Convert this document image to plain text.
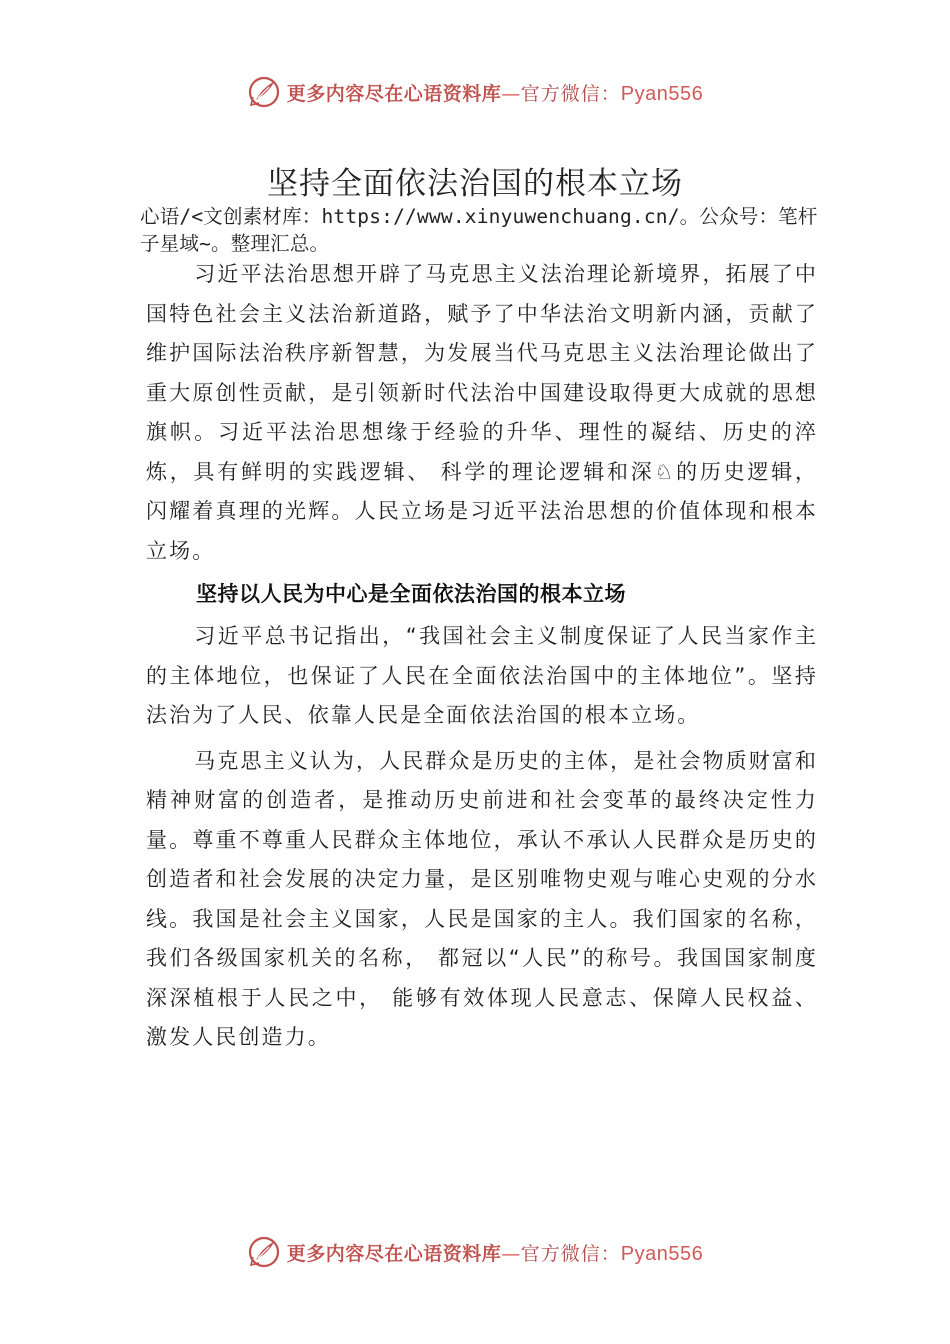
更多内容尽在心语资料库—官方微信：Pyan556
坚持全面依法治国的根本立场
心语/<文创素材库：https://www.xinyuwenchuang.cn/。公众号：笔杆子星域~。整理汇总。

习近平法治思想开辟了马克思主义法治理论新境界，拓展了中国特色社会主义法治新道路，赋予了中华法治文明新内涵，贡献了维护国际法治秩序新智慧，为发展当代马克思主义法治理论做出了重大原创性贡献，是引领新时代法治中国建设取得更大成就的思想旗帜。习近平法治思想缘于经验的升华、理性的凝结、历史的淬炼，具有鲜明的实践逻辑、 科学的理论逻辑和深♘的历史逻辑，闪耀着真理的光辉。人民立场是习近平法治思想的价值体现和根本立场。

坚持以人民为中心是全面依法治国的根本立场

习近平总书记指出，“我国社会主义制度保证了人民当家作主的主体地位，也保证了人民在全面依法治国中的主体地位”。坚持法治为了人民、依靠人民是全面依法治国的根本立场。

马克思主义认为，人民群众是历史的主体，是社会物质财富和精神财富的创造者，是推动历史前进和社会变革的最终决定性力量。尊重不尊重人民群众主体地位，承认不承认人民群众是历史的创造者和社会发展的决定力量，是区别唯物史观与唯心史观的分水线。我国是社会主义国家，人民是国家的主人。我们国家的名称，我们各级国家机关的名称， 都冠以“人民”的称号。我国国家制度深深植根于人民之中， 能够有效体现人民意志、保障人民权益、激发人民创造力。

更多内容尽在心语资料库—官方微信：Pyan556
